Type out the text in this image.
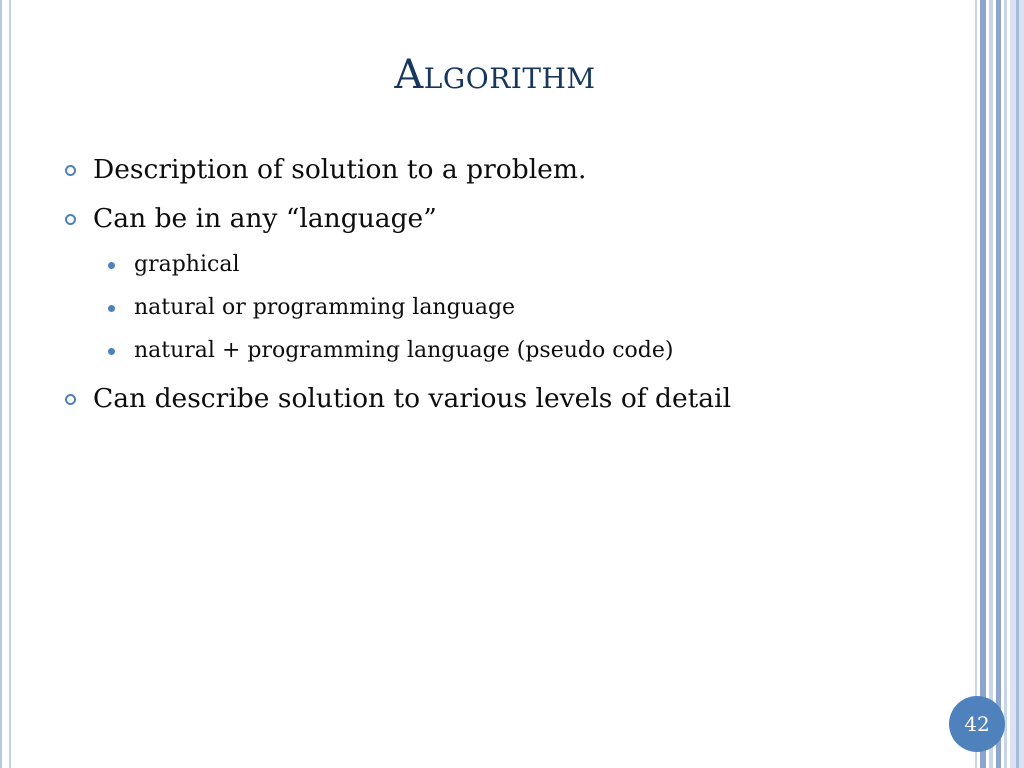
Algorithm
Description of solution to a problem.
Can be in any “language”
graphical
natural or programming language
natural + programming language (pseudo code)
Can describe solution to various levels of detail
42
